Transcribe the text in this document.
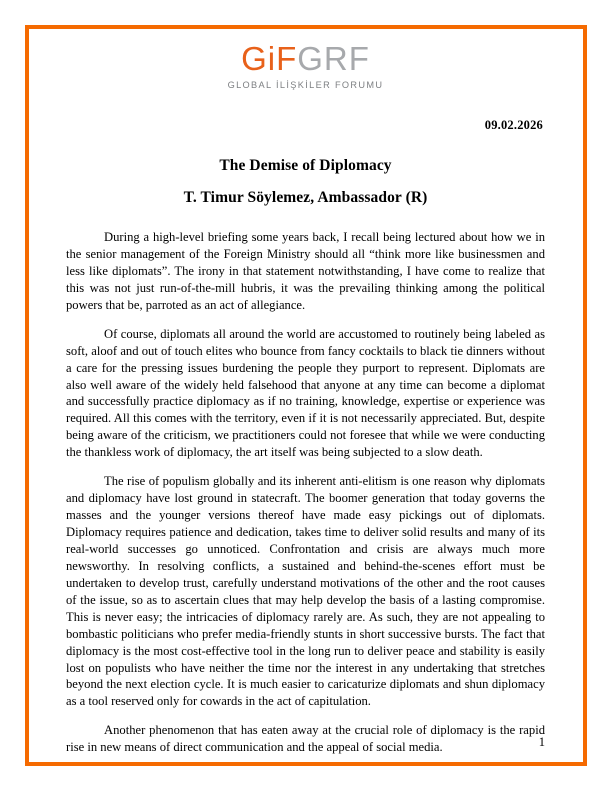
GiFGRF
GLOBAL İLİŞKİLER FORUMU
09.02.2026
The Demise of Diplomacy
T. Timur Söylemez, Ambassador (R)

During a high-level briefing some years back, I recall being lectured about how we in the senior management of the Foreign Ministry should all “think more like businessmen and less like diplomats”. The irony in that statement notwithstanding, I have come to realize that this was not just run-of-the-mill hubris, it was the prevailing thinking among the political powers that be, parroted as an act of allegiance.

Of course, diplomats all around the world are accustomed to routinely being labeled as soft, aloof and out of touch elites who bounce from fancy cocktails to black tie dinners without a care for the pressing issues burdening the people they purport to represent. Diplomats are also well aware of the widely held falsehood that anyone at any time can become a diplomat and successfully practice diplomacy as if no training, knowledge, expertise or experience was required. All this comes with the territory, even if it is not necessarily appreciated. But, despite being aware of the criticism, we practitioners could not foresee that while we were conducting the thankless work of diplomacy, the art itself was being subjected to a slow death.

The rise of populism globally and its inherent anti-elitism is one reason why diplomats and diplomacy have lost ground in statecraft. The boomer generation that today governs the masses and the younger versions thereof have made easy pickings out of diplomats. Diplomacy requires patience and dedication, takes time to deliver solid results and many of its real-world successes go unnoticed. Confrontation and crisis are always much more newsworthy. In resolving conflicts, a sustained and behind-the-scenes effort must be undertaken to develop trust, carefully understand motivations of the other and the root causes of the issue, so as to ascertain clues that may help develop the basis of a lasting compromise. This is never easy; the intricacies of diplomacy rarely are. As such, they are not appealing to bombastic politicians who prefer media-friendly stunts in short successive bursts. The fact that diplomacy is the most cost-effective tool in the long run to deliver peace and stability is easily lost on populists who have neither the time nor the interest in any undertaking that stretches beyond the next election cycle. It is much easier to caricaturize diplomats and shun diplomacy as a tool reserved only for cowards in the act of capitulation.

Another phenomenon that has eaten away at the crucial role of diplomacy is the rapid rise in new means of direct communication and the appeal of social media.	1
